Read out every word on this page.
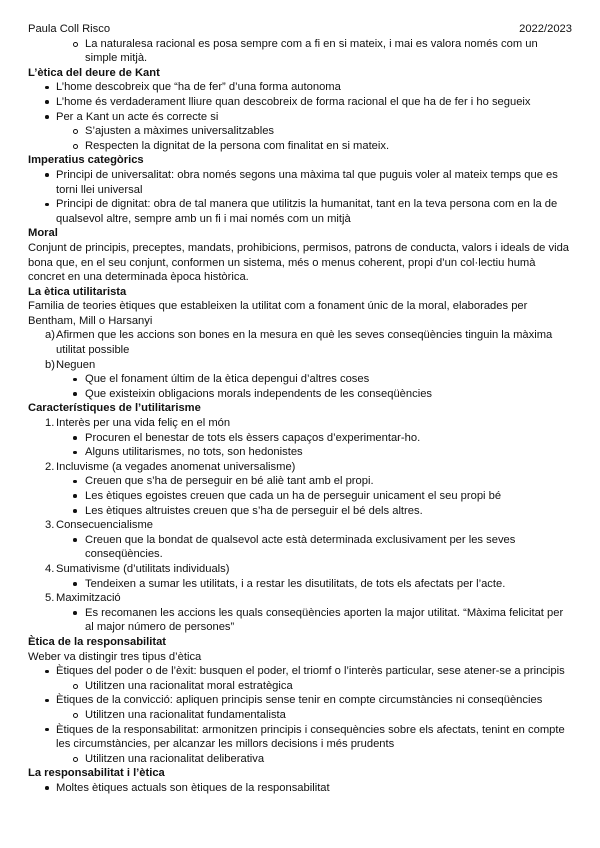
Paula Coll Risco	2022/2023
La naturalesa racional es posa sempre com a fi en si mateix, i mai es valora només com un simple mitjà.
L’ètica del deure de Kant
L’home descobreix que “ha de fer” d’una forma autonoma
L’home és verdaderament lliure quan descobreix de forma racional el que ha de fer i ho segueix
Per a Kant un acte és correcte si
S’ajusten a màximes universalitzables
Respecten la dignitat de la persona com finalitat en si mateix.
Imperatius categòrics
Principi de universalitat: obra només segons una màxima tal que puguis voler al mateix temps que es torni llei universal
Principi de dignitat: obra de tal manera que utilitzis la humanitat, tant en la teva persona com en la de qualsevol altre, sempre amb un fi i mai només com un mitjà
Moral
Conjunt de principis, preceptes, mandats, prohibicions, permisos, patrons de conducta, valors i ideals de vida bona que, en el seu conjunt, conformen un sistema, més o menus coherent, propi d’un col·lectiu humà concret en una determinada època històrica.
La ètica utilitarista
Familia de teories ètiques que estableixen la utilitat com a fonament únic de la moral, elaborades per Bentham, Mill o Harsanyi
a) Afirmen que les accions son bones en la mesura en què les seves conseqüències tinguin la màxima utilitat possible
b) Neguen
Que el fonament últim de la ètica depengui d’altres coses
Que existeixin obligacions morals independents de les conseqüències
Característiques de l’utilitarisme
1. Interès per una vida feliç en el món
Procuren el benestar de tots els èssers capaços d’experimentar-ho.
Alguns utilitarismes, no tots, son hedonistes
2. Incluvisme (a vegades anomenat universalisme)
Creuen que s’ha de perseguir en bé aliè tant amb el propi.
Les ètiques egoistes creuen que cada un ha de perseguir unicament el seu propi bé
Les ètiques altruistes creuen que s’ha de perseguir el bé dels altres.
3. Consecuencialisme
Creuen que la bondat de qualsevol acte està determinada exclusivament per les seves conseqüències.
4. Sumativisme (d’utilitats individuals)
Tendeixen a sumar les utilitats, i a restar les disutilitats, de tots els afectats per l’acte.
5. Maximització
Es recomanen les accions les quals conseqüències aporten la major utilitat. “Màxima felicitat per al major número de persones”
Ètica de la responsabilitat
Weber va distingir tres tipus d’ètica
Ètiques del poder o de l’èxit: busquen el poder, el triomf o l’interès particular, sese atener-se a principis
Utilitzen una racionalitat moral estratègica
Ètiques de la convicció: apliquen principis sense tenir en compte circumstàncies ni conseqüències
Utilitzen una racionalitat fundamentalista
Ètiques de la responsabilitat: armonitzen principis i consequències sobre els afectats, tenint en compte les circumstàncies, per alcanzar les millors decisions i més prudents
Utilitzen una racionalitat deliberativa
La responsabilitat i l’ètica
Moltes ètiques actuals son ètiques de la responsabilitat
